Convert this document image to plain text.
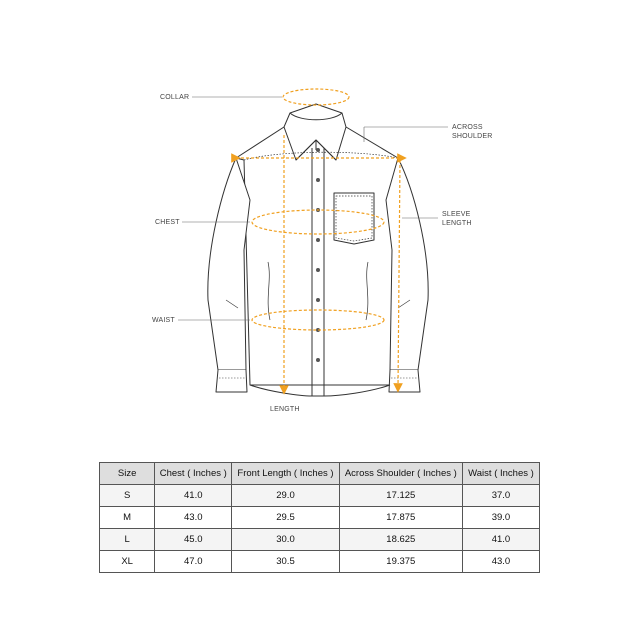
COLLAR
ACROSS
SHOULDER
CHEST
SLEEVE
LENGTH
WAIST
LENGTH
Size	Chest ( Inches )	Front Length ( Inches )	Across Shoulder ( Inches )	Waist ( Inches )
S	41.0	29.0	17.125	37.0
M	43.0	29.5	17.875	39.0
L	45.0	30.0	18.625	41.0
XL	47.0	30.5	19.375	43.0
